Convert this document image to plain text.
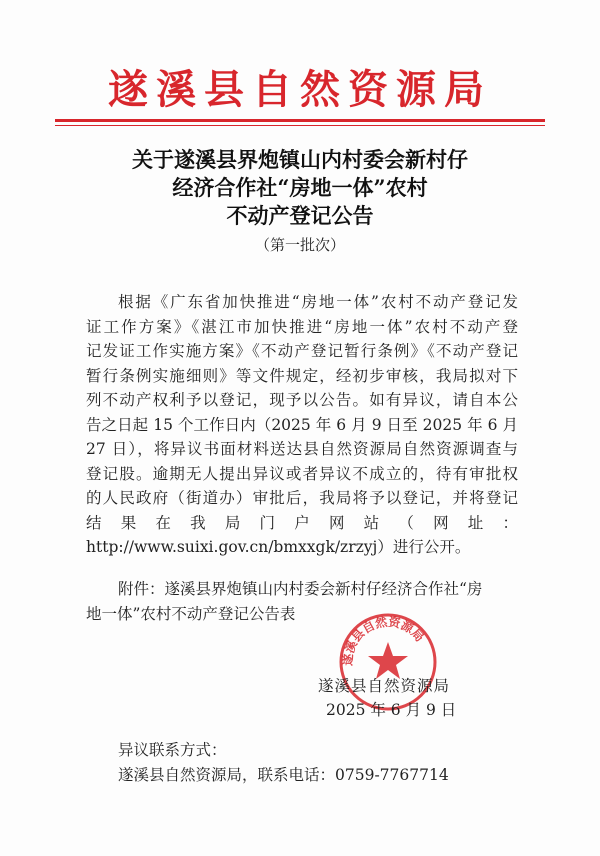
遂溪县自然资源局
关于遂溪县界炮镇山内村委会新村仔
经济合作社“房地一体”农村
不动产登记公告
（第一批次）
根据《广东省加快推进“房地一体”农村不动产登记发
证工作方案》《湛江市加快推进“房地一体”农村不动产登
记发证工作实施方案》《不动产登记暂行条例》《不动产登记
暂行条例实施细则》等文件规定，经初步审核，我局拟对下
列不动产权利予以登记，现予以公告。如有异议，请自本公
告之日起 15 个工作日内（2025 年 6 月 9 日至 2025 年 6 月
27 日），将异议书面材料送达县自然资源局自然资源调查与
登记股。逾期无人提出异议或者异议不成立的，待有审批权
的人民政府（街道办）审批后，我局将予以登记，并将登记
结 果 在 我 局 门 户 网 站 （ 网 址 ：
http://www.suixi.gov.cn/bmxxgk/zrzyj）进行公开。
附件：遂溪县界炮镇山内村委会新村仔经济合作社“房
地一体”农村不动产登记公告表
遂溪县自然资源局
遂溪县自然资源局
2025 年 6 月 9 日
异议联系方式：
遂溪县自然资源局，联系电话：0759-7767714
